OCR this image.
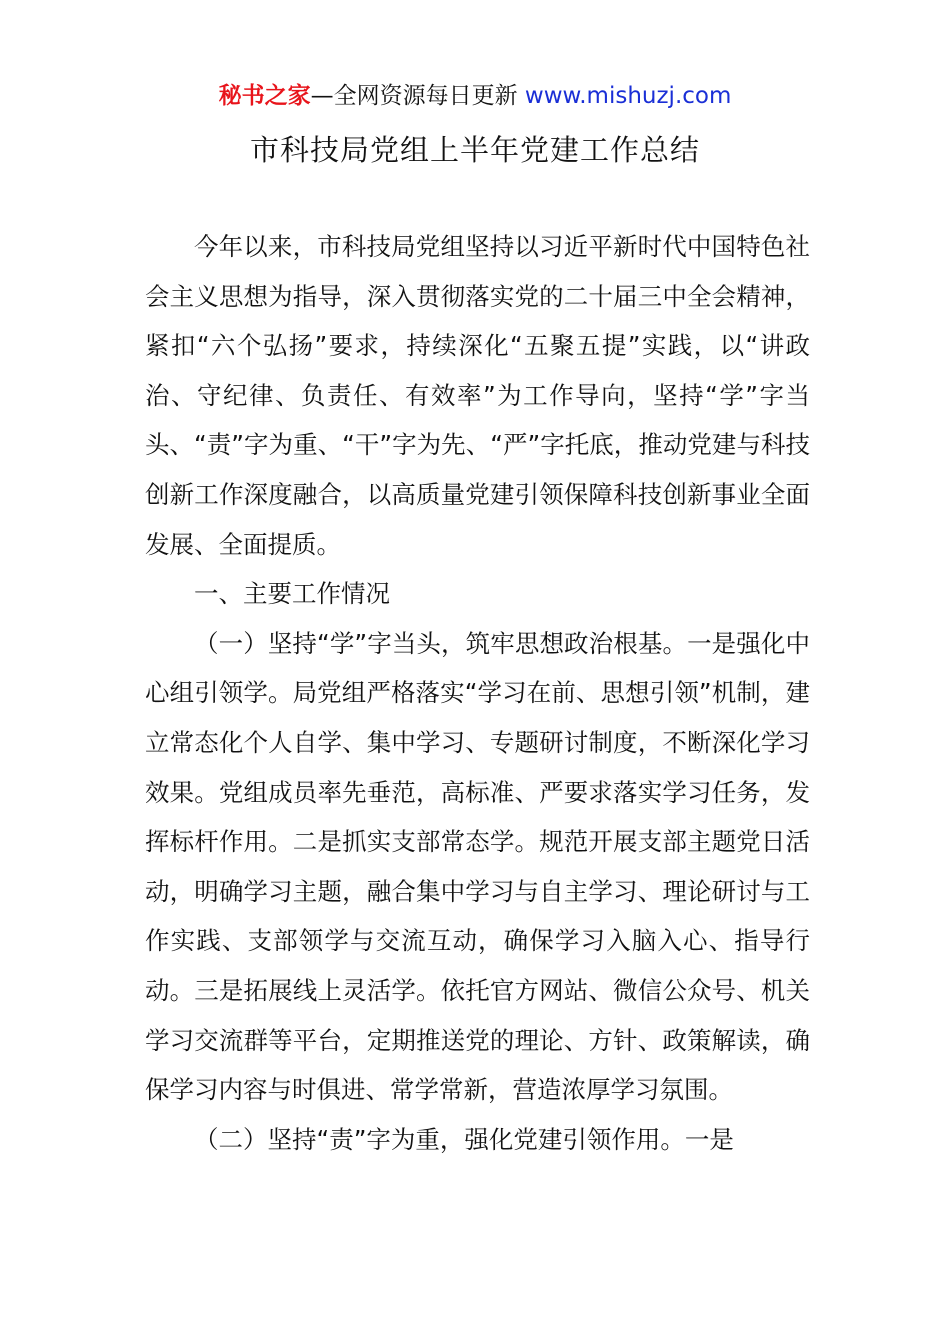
秘书之家—全网资源每日更新 www.mishuzj.com
市科技局党组上半年党建工作总结

今年以来，市科技局党组坚持以习近平新时代中国特色社会主义思想为指导，深入贯彻落实党的二十届三中全会精神，紧扣“六个弘扬”要求，持续深化“五聚五提”实践，以“讲政治、守纪律、负责任、有效率”为工作导向，坚持“学”字当头、“责”字为重、“干”字为先、“严”字托底，推动党建与科技创新工作深度融合，以高质量党建引领保障科技创新事业全面发展、全面提质。

一、主要工作情况

（一）坚持“学”字当头，筑牢思想政治根基。一是强化中心组引领学。局党组严格落实“学习在前、思想引领”机制，建立常态化个人自学、集中学习、专题研讨制度，不断深化学习效果。党组成员率先垂范，高标准、严要求落实学习任务，发挥标杆作用。二是抓实支部常态学。规范开展支部主题党日活动，明确学习主题，融合集中学习与自主学习、理论研讨与工作实践、支部领学与交流互动，确保学习入脑入心、指导行动。三是拓展线上灵活学。依托官方网站、微信公众号、机关学习交流群等平台，定期推送党的理论、方针、政策解读，确保学习内容与时俱进、常学常新，营造浓厚学习氛围。

（二）坚持“责”字为重，强化党建引领作用。一是
